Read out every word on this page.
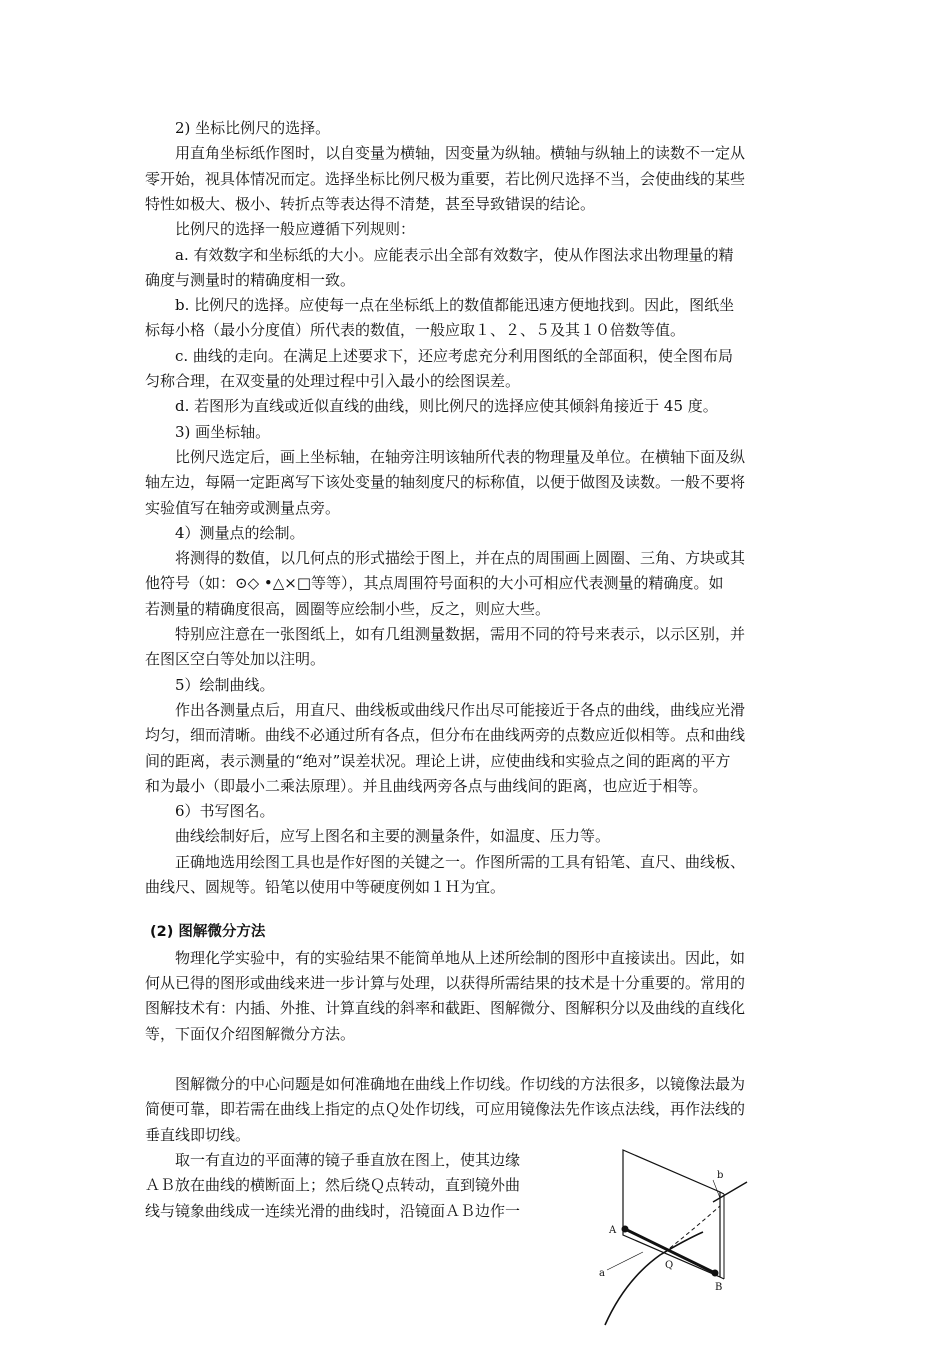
2) 坐标比例尺的选择。
用直角坐标纸作图时，以自变量为横轴，因变量为纵轴。横轴与纵轴上的读数不一定从
零开始，视具体情况而定。选择坐标比例尺极为重要，若比例尺选择不当，会使曲线的某些
特性如极大、极小、转折点等表达得不清楚，甚至导致错误的结论。
比例尺的选择一般应遵循下列规则：
a. 有效数字和坐标纸的大小。应能表示出全部有效数字，使从作图法求出物理量的精
确度与测量时的精确度相一致。
b. 比例尺的选择。应使每一点在坐标纸上的数值都能迅速方便地找到。因此，图纸坐
标每小格（最小分度值）所代表的数值，一般应取１、２、５及其１０倍数等值。
c. 曲线的走向。在满足上述要求下，还应考虑充分利用图纸的全部面积，使全图布局
匀称合理，在双变量的处理过程中引入最小的绘图误差。
d. 若图形为直线或近似直线的曲线，则比例尺的选择应使其倾斜角接近于 45 度。
3) 画坐标轴。
比例尺选定后，画上坐标轴，在轴旁注明该轴所代表的物理量及单位。在横轴下面及纵
轴左边，每隔一定距离写下该处变量的轴刻度尺的标称值，以便于做图及读数。一般不要将
实验值写在轴旁或测量点旁。
4）测量点的绘制。
将测得的数值，以几何点的形式描绘于图上，并在点的周围画上圆圈、三角、方块或其
他符号（如：⊙◇ •△×□等等），其点周围符号面积的大小可相应代表测量的精确度。如
若测量的精确度很高，圆圈等应绘制小些，反之，则应大些。
特别应注意在一张图纸上，如有几组测量数据，需用不同的符号来表示，以示区别，并
在图区空白等处加以注明。
5）绘制曲线。
作出各测量点后，用直尺、曲线板或曲线尺作出尽可能接近于各点的曲线，曲线应光滑
均匀，细而清晰。曲线不必通过所有各点，但分布在曲线两旁的点数应近似相等。点和曲线
间的距离，表示测量的“绝对”误差状况。理论上讲，应使曲线和实验点之间的距离的平方
和为最小（即最小二乘法原理）。并且曲线两旁各点与曲线间的距离，也应近于相等。
6）书写图名。
曲线绘制好后，应写上图名和主要的测量条件，如温度、压力等。
正确地选用绘图工具也是作好图的关键之一。作图所需的工具有铅笔、直尺、曲线板、
曲线尺、圆规等。铅笔以使用中等硬度例如１Ｈ为宜。
(2) 图解微分方法
物理化学实验中，有的实验结果不能简单地从上述所绘制的图形中直接读出。因此，如
何从已得的图形或曲线来进一步计算与处理，以获得所需结果的技术是十分重要的。常用的
图解技术有：内插、外推、计算直线的斜率和截距、图解微分、图解积分以及曲线的直线化
等，下面仅介绍图解微分方法。
图解微分的中心问题是如何准确地在曲线上作切线。作切线的方法很多，以镜像法最为
简便可靠，即若需在曲线上指定的点Ｑ处作切线，可应用镜像法先作该点法线，再作法线的
垂直线即切线。
取一有直边的平面薄的镜子垂直放在图上，使其边缘
ＡＢ放在曲线的横断面上；然后绕Ｑ点转动，直到镜外曲
线与镜象曲线成一连续光滑的曲线时，沿镜面ＡＢ边作一
A
B
Q
a
b
